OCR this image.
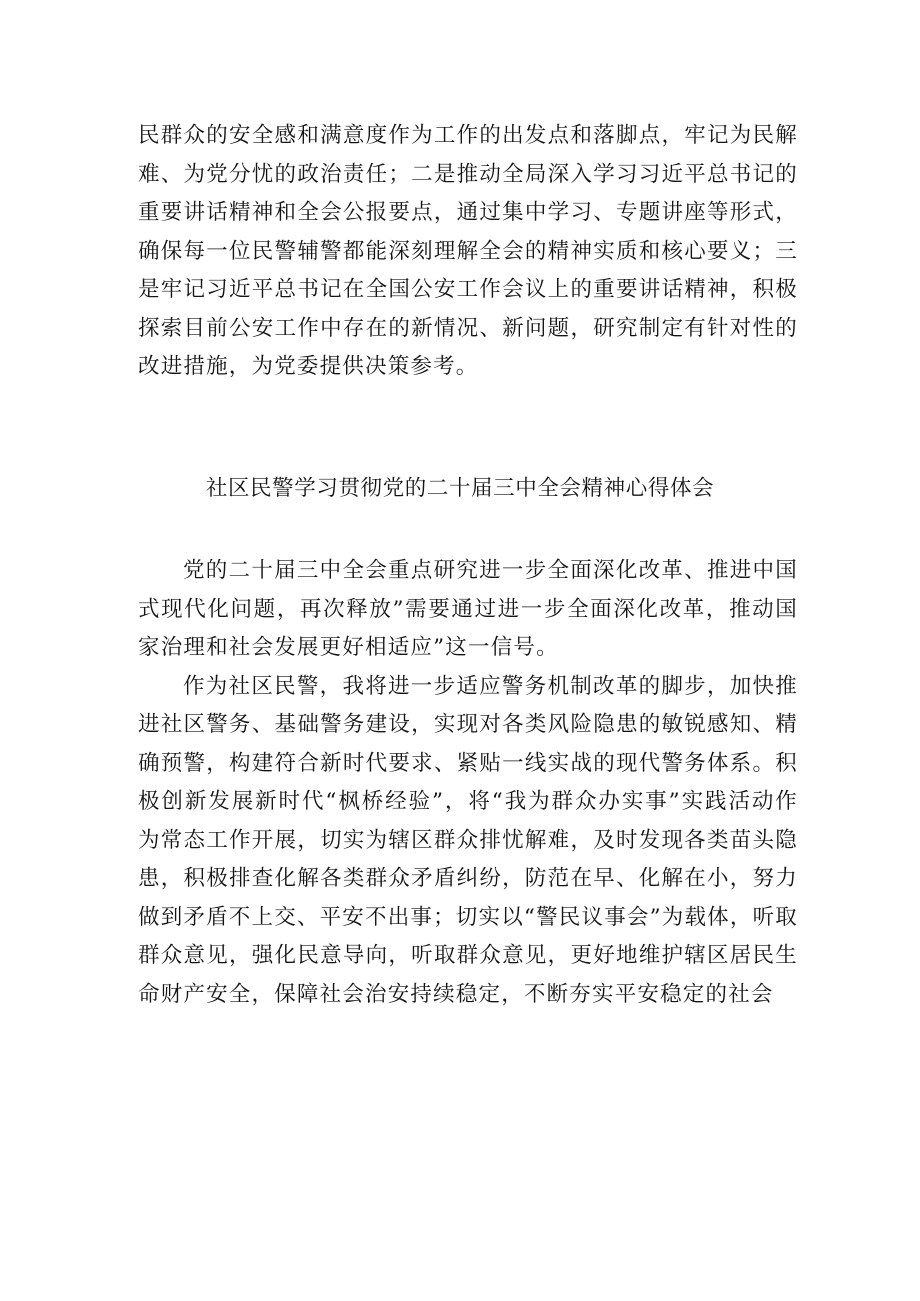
民群众的安全感和满意度作为工作的出发点和落脚点，牢记为民解难、为党分忧的政治责任；二是推动全局深入学习习近平总书记的重要讲话精神和全会公报要点，通过集中学习、专题讲座等形式，确保每一位民警辅警都能深刻理解全会的精神实质和核心要义；三是牢记习近平总书记在全国公安工作会议上的重要讲话精神，积极探索目前公安工作中存在的新情况、新问题，研究制定有针对性的改进措施，为党委提供决策参考。

社区民警学习贯彻党的二十届三中全会精神心得体会

党的二十届三中全会重点研究进一步全面深化改革、推进中国式现代化问题，再次释放”需要通过进一步全面深化改革，推动国家治理和社会发展更好相适应”这一信号。

作为社区民警，我将进一步适应警务机制改革的脚步，加快推进社区警务、基础警务建设，实现对各类风险隐患的敏锐感知、精确预警，构建符合新时代要求、紧贴一线实战的现代警务体系。积极创新发展新时代“枫桥经验”，将“我为群众办实事”实践活动作为常态工作开展，切实为辖区群众排忧解难，及时发现各类苗头隐患，积极排查化解各类群众矛盾纠纷，防范在早、化解在小，努力做到矛盾不上交、平安不出事；切实以“警民议事会”为载体，听取群众意见，强化民意导向，听取群众意见，更好地维护辖区居民生命财产安全，保障社会治安持续稳定，不断夯实平安稳定的社会
